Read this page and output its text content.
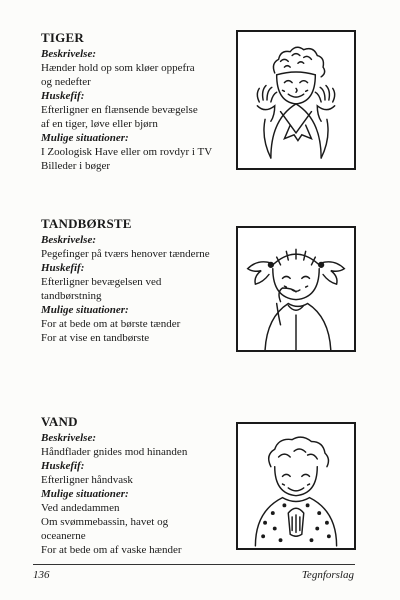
TIGER
Beskrivelse:
Hænder hold op som kløer oppefra
og nedefter
Huskefif:
Efterligner en flænsende bevægelse
af en tiger, løve eller bjørn
Mulige situationer:
I Zoologisk Have eller om rovdyr i TV
Billeder i bøger
TANDBØRSTE
Beskrivelse:
Pegefinger på tværs henover tænderne
Huskefif:
Efterligner bevægelsen ved
tandbørstning
Mulige situationer:
For at bede om at børste tænder
For at vise en tandbørste
VAND
Beskrivelse:
Håndflader gnides mod hinanden
Huskefif:
Efterligner håndvask
Mulige situationer:
Ved andedammen
Om svømmebassin, havet og
oceanerne
For at bede om af vaske hænder
136	Tegnforslag
